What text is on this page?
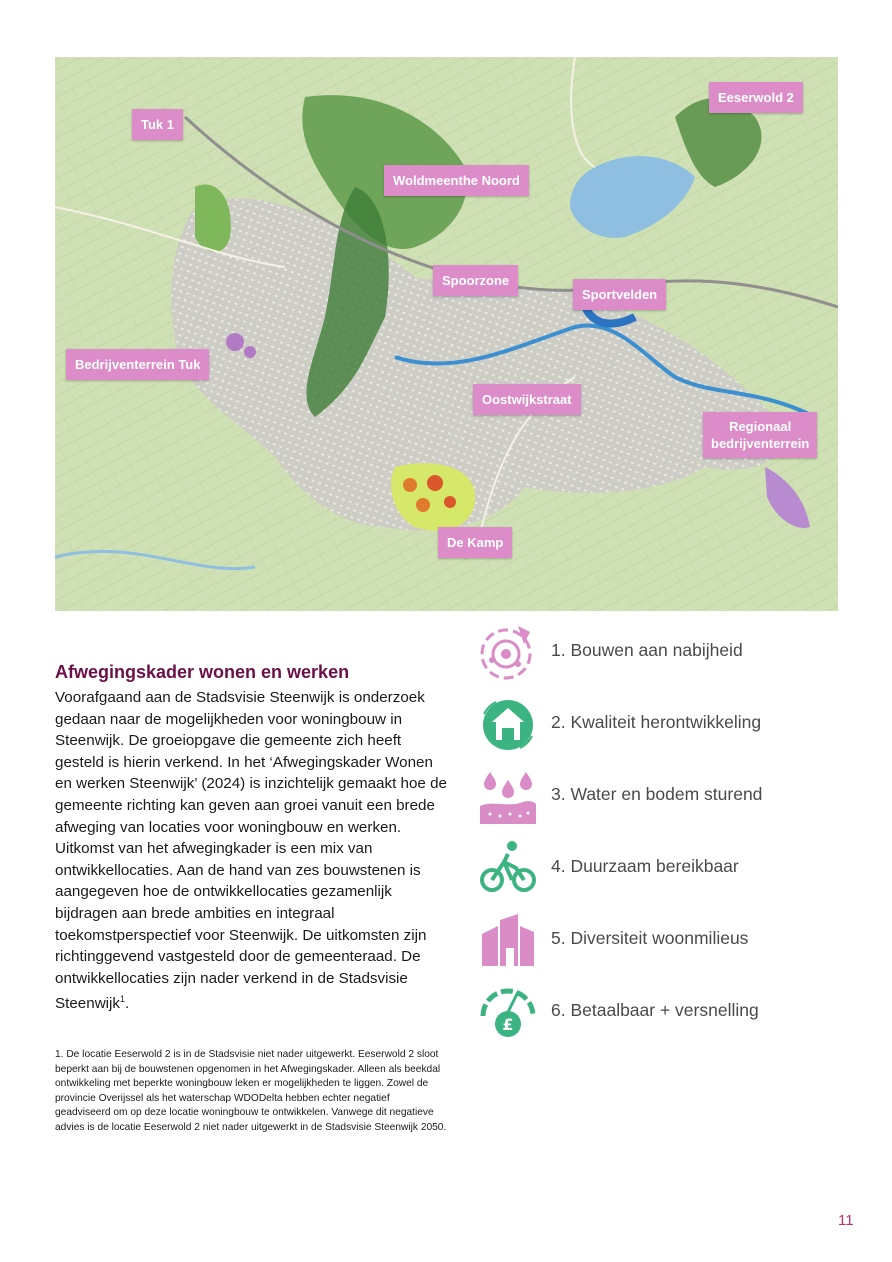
Tuk 1
Eeserwold 2
Woldmeenthe Noord
Spoorzone
Sportvelden
Bedrijventerrein Tuk
Oostwijkstraat
Regionaal
bedrijventerrein
De Kamp
Afwegingskader wonen en werken
Voorafgaand aan de Stadsvisie Steenwijk is onderzoek gedaan naar de mogelijkheden voor woningbouw in Steenwijk. De groeiopgave die gemeente zich heeft gesteld is hierin verkend. In het ‘Afwegingskader Wonen en werken Steenwijk’ (2024) is inzichtelijk gemaakt hoe de gemeente richting kan geven aan groei vanuit een brede afweging van locaties voor woningbouw en werken. Uitkomst van het afwegingkader is een mix van ontwikkellocaties. Aan de hand van zes bouwstenen is aangegeven hoe de ontwikkellocaties gezamenlijk bijdragen aan brede ambities en integraal toekomstperspectief voor Steenwijk. De uitkomsten zijn richtinggevend vastgesteld door de gemeenteraad. De ontwikkellocaties zijn nader verkend in de Stadsvisie Steenwijk$^1$.
1. De locatie Eeserwold 2 is in de Stadsvisie niet nader uitgewerkt. Eeserwold 2 sloot beperkt aan bij de bouwstenen opgenomen in het Afwegingskader. Alleen als beekdal ontwikkeling met beperkte woningbouw leken er mogelijkheden te liggen. Zowel de provincie Overijssel als het waterschap WDODelta hebben echter negatief geadviseerd om op deze locatie woningbouw te ontwikkelen. Vanwege dit negatieve advies is de locatie Eeserwold 2 niet nader uitgewerkt in de Stadsvisie Steenwijk 2050.
1. Bouwen aan nabijheid
2. Kwaliteit herontwikkeling
3. Water en bodem sturend
4. Duurzaam bereikbaar
5. Diversiteit woonmilieus
£
6. Betaalbaar + versnelling
11
